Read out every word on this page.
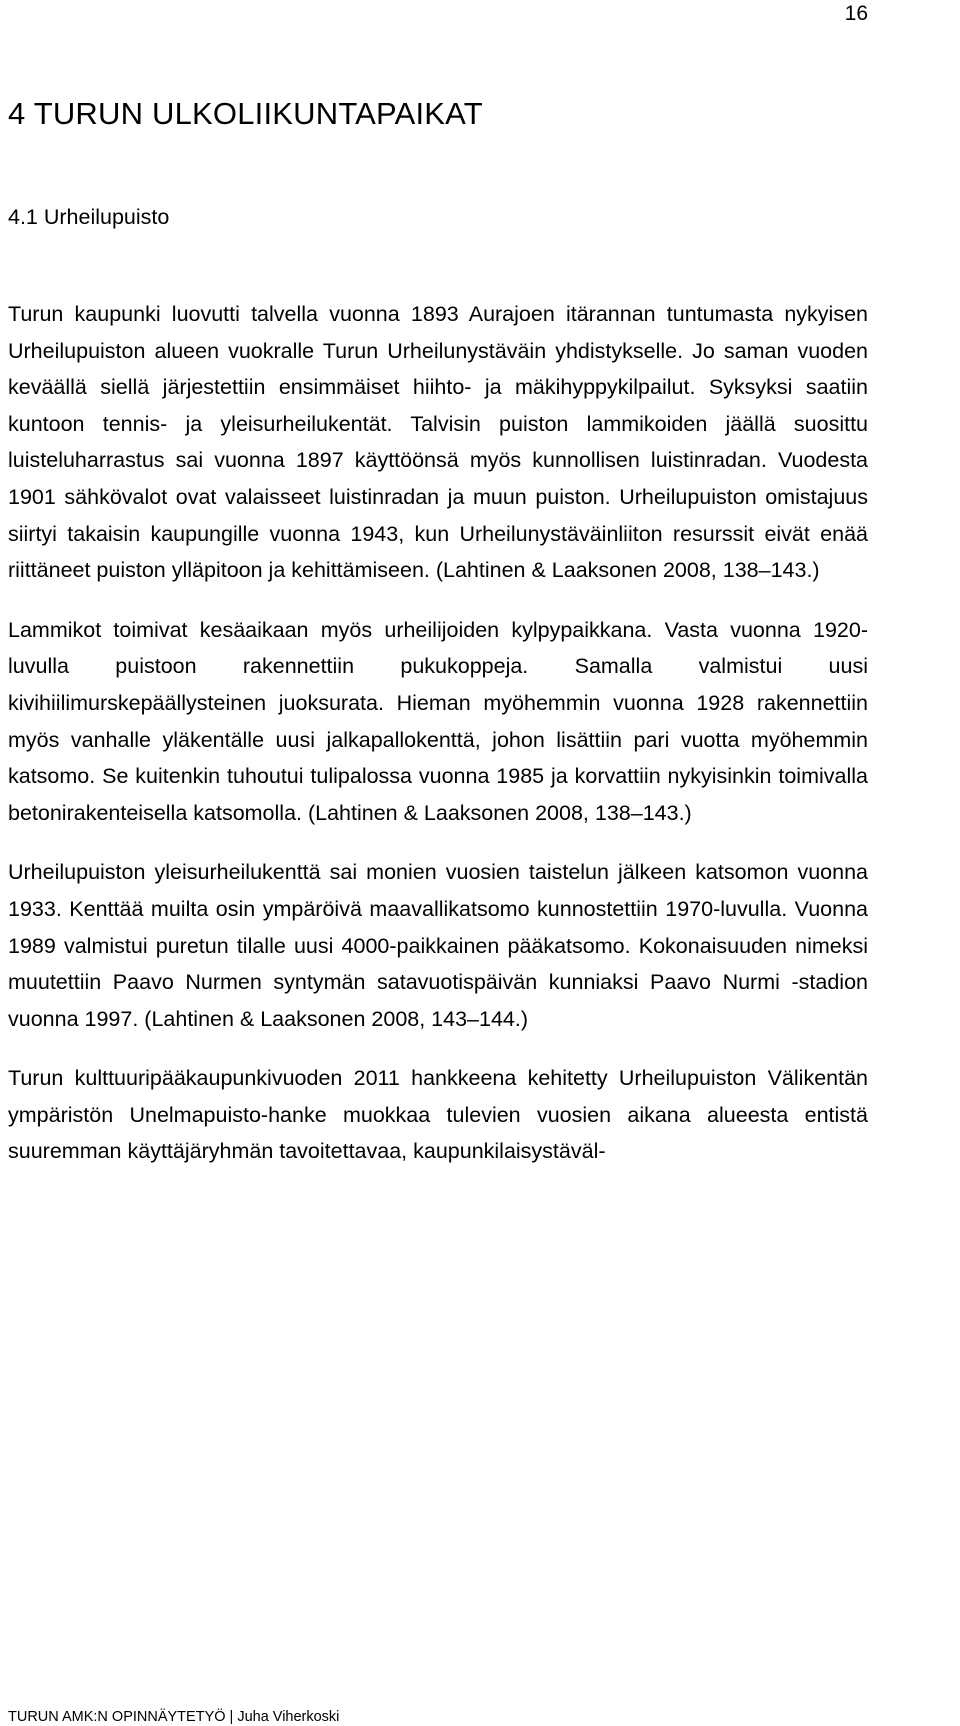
16
4 TURUN ULKOLIIKUNTAPAIKAT
4.1 Urheilupuisto

Turun kaupunki luovutti talvella vuonna 1893 Aurajoen itärannan tuntumasta nykyisen Urheilupuiston alueen vuokralle Turun Urheilunystäväin yhdistykselle. Jo saman vuoden keväällä siellä järjestettiin ensimmäiset hiihto- ja mäkihyppykilpailut. Syksyksi saatiin kuntoon tennis- ja yleisurheilukentät. Talvisin puiston lammikoiden jäällä suosittu luisteluharrastus sai vuonna 1897 käyttöönsä myös kunnollisen luistinradan. Vuodesta 1901 sähkövalot ovat valaisseet luistinradan ja muun puiston. Urheilupuiston omistajuus siirtyi takaisin kaupungille vuonna 1943, kun Urheilunystäväinliiton resurssit eivät enää riittäneet puiston ylläpitoon ja kehittämiseen. (Lahtinen & Laaksonen 2008, 138–143.)

Lammikot toimivat kesäaikaan myös urheilijoiden kylpypaikkana. Vasta vuonna 1920-luvulla puistoon rakennettiin pukukoppeja. Samalla valmistui uusi kivihiilimurskepäällysteinen juoksurata. Hieman myöhemmin vuonna 1928 rakennettiin myös vanhalle yläkentälle uusi jalkapallokenttä, johon lisättiin pari vuotta myöhemmin katsomo. Se kuitenkin tuhoutui tulipalossa vuonna 1985 ja korvattiin nykyisinkin toimivalla betonirakenteisella katsomolla. (Lahtinen & Laaksonen 2008, 138–143.)

Urheilupuiston yleisurheilukenttä sai monien vuosien taistelun jälkeen katsomon vuonna 1933. Kenttää muilta osin ympäröivä maavallikatsomo kunnostettiin 1970-luvulla. Vuonna 1989 valmistui puretun tilalle uusi 4000-paikkainen pääkatsomo. Kokonaisuuden nimeksi muutettiin Paavo Nurmen syntymän satavuotispäivän kunniaksi Paavo Nurmi -stadion vuonna 1997. (Lahtinen & Laaksonen 2008, 143–144.)

Turun kulttuuripääkaupunkivuoden 2011 hankkeena kehitetty Urheilupuiston Välikentän ympäristön Unelmapuisto-hanke muokkaa tulevien vuosien aikana alueesta entistä suuremman käyttäjäryhmän tavoitettavaa, kaupunkilaisystäväl-

TURUN AMK:N OPINNÄYTETYÖ | Juha Viherkoski
